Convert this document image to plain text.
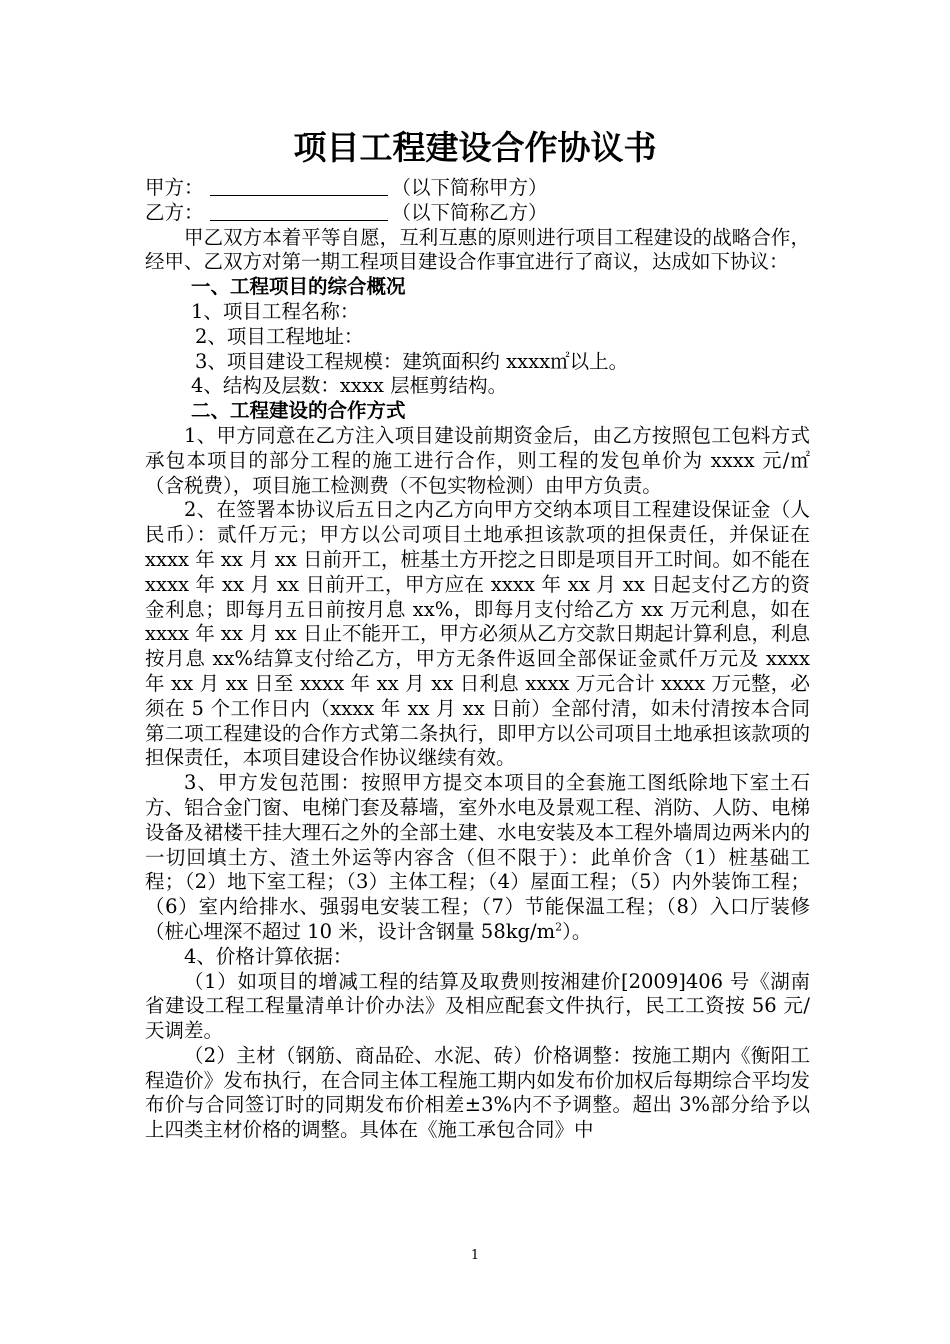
项目工程建设合作协议书
甲方：	（以下简称甲方）
乙方：	（以下简称乙方）

甲乙双方本着平等自愿，互利互惠的原则进行项目工程建设的战略合作，经甲、乙双方对第一期工程项目建设合作事宜进行了商议，达成如下协议：

一、工程项目的综合概况
1、项目工程名称：
2、项目工程地址：
3、项目建设工程规模：建筑面积约 xxxx㎡以上。
4、结构及层数：xxxx 层框剪结构。
二、工程建设的合作方式

1、甲方同意在乙方注入项目建设前期资金后，由乙方按照包工包料方式承包本项目的部分工程的施工进行合作，则工程的发包单价为 xxxx 元/㎡（含税费），项目施工检测费（不包实物检测）由甲方负责。

2、在签署本协议后五日之内乙方向甲方交纳本项目工程建设保证金（人民币）：贰仟万元；甲方以公司项目土地承担该款项的担保责任，并保证在 xxxx 年 xx 月 xx 日前开工，桩基土方开挖之日即是项目开工时间。如不能在 xxxx 年 xx 月 xx 日前开工，甲方应在 xxxx 年 xx 月 xx 日起支付乙方的资金利息；即每月五日前按月息 xx%，即每月支付给乙方 xx 万元利息，如在 xxxx 年 xx 月 xx 日止不能开工，甲方必须从乙方交款日期起计算利息，利息按月息 xx%结算支付给乙方，甲方无条件返回全部保证金贰仟万元及 xxxx 年 xx 月 xx 日至 xxxx 年 xx 月 xx 日利息 xxxx 万元合计 xxxx 万元整，必须在 5 个工作日内（xxxx 年 xx 月 xx 日前）全部付清，如未付清按本合同第二项工程建设的合作方式第二条执行，即甲方以公司项目土地承担该款项的担保责任，本项目建设合作协议继续有效。

3、甲方发包范围：按照甲方提交本项目的全套施工图纸除地下室土石方、铝合金门窗、电梯门套及幕墙，室外水电及景观工程、消防、人防、电梯设备及裙楼干挂大理石之外的全部土建、水电安装及本工程外墙周边两米内的一切回填土方、渣土外运等内容含（但不限于）：此单价含（1）桩基础工程；（2）地下室工程；（3）主体工程；（4）屋面工程；（5）内外装饰工程；（6）室内给排水、强弱电安装工程；（7）节能保温工程；（8）入口厅装修（桩心埋深不超过 10 米，设计含钢量 $58kg/m^2$）。

4、价格计算依据：

（1）如项目的增减工程的结算及取费则按湘建价[2009]406 号《湖南省建设工程工程量清单计价办法》及相应配套文件执行，民工工资按 56 元/天调差。

（2）主材（钢筋、商品砼、水泥、砖）价格调整：按施工期内《衡阳工程造价》发布执行，在合同主体工程施工期内如发布价加权后每期综合平均发布价与合同签订时的同期发布价相差±3%内不予调整。超出 3%部分给予以上四类主材价格的调整。具体在《施工承包合同》中

1
